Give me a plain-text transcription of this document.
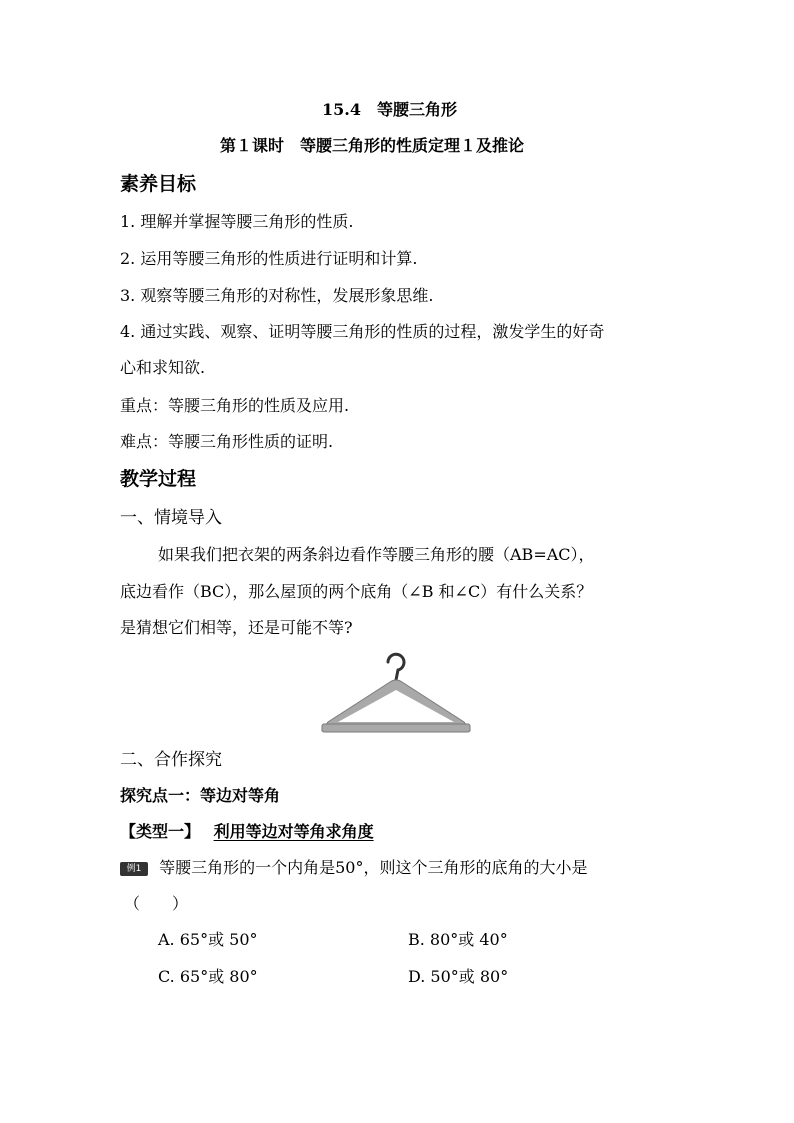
15.4　等腰三角形
第１课时　等腰三角形的性质定理１及推论
素养目标
1. 理解并掌握等腰三角形的性质.
2. 运用等腰三角形的性质进行证明和计算.
3. 观察等腰三角形的对称性，发展形象思维.
4. 通过实践、观察、证明等腰三角形的性质的过程，激发学生的好奇
心和求知欲.
重点：等腰三角形的性质及应用.
难点：等腰三角形性质的证明.
教学过程
一、情境导入
如果我们把衣架的两条斜边看作等腰三角形的腰（AB=AC），
底边看作（BC），那么屋顶的两个底角（∠B 和∠C）有什么关系？
是猜想它们相等，还是可能不等?
二、合作探究
探究点一：等边对等角
【类型一】 利用等边对等角求角度
例1 等腰三角形的一个内角是50°，则这个三角形的底角的大小是
（　　）
A. 65°或 50°	B. 80°或 40°
C. 65°或 80°	D. 50°或 80°
